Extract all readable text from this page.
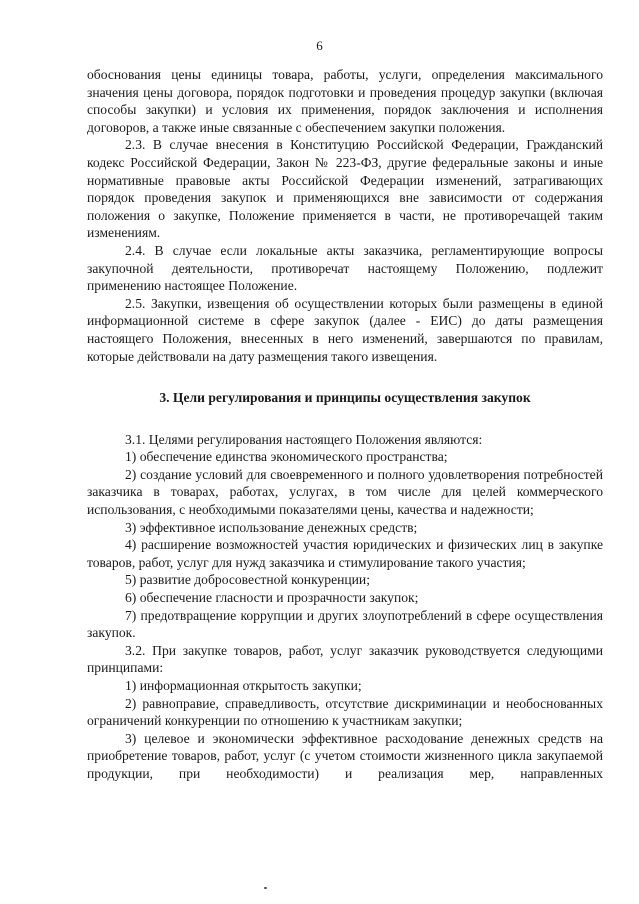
6

обоснования цены единицы товара, работы, услуги, определения максимального значения цены договора, порядок подготовки и проведения процедур закупки (включая способы закупки) и условия их применения, порядок заключения и исполнения договоров, а также иные связанные с обеспечением закупки положения.

2.3. В случае внесения в Конституцию Российской Федерации, Гражданский кодекс Российской Федерации, Закон № 223-ФЗ, другие федеральные законы и иные нормативные правовые акты Российской Федерации изменений, затрагивающих порядок проведения закупок и применяющихся вне зависимости от содержания положения о закупке, Положение применяется в части, не противоречащей таким изменениям.

2.4. В случае если локальные акты заказчика, регламентирующие вопросы закупочной деятельности, противоречат настоящему Положению, подлежит применению настоящее Положение.

2.5. Закупки, извещения об осуществлении которых были размещены в единой информационной системе в сфере закупок (далее - ЕИС) до даты размещения настоящего Положения, внесенных в него изменений, завершаются по правилам, которые действовали на дату размещения такого извещения.

3. Цели регулирования и принципы осуществления закупок

3.1. Целями регулирования настоящего Положения являются:

1) обеспечение единства экономического пространства;

2) создание условий для своевременного и полного удовлетворения потребностей заказчика в товарах, работах, услугах, в том числе для целей коммерческого использования, с необходимыми показателями цены, качества и надежности;

3) эффективное использование денежных средств;

4) расширение возможностей участия юридических и физических лиц в закупке товаров, работ, услуг для нужд заказчика и стимулирование такого участия;

5) развитие добросовестной конкуренции;

6) обеспечение гласности и прозрачности закупок;

7) предотвращение коррупции и других злоупотреблений в сфере осуществления закупок.

3.2. При закупке товаров, работ, услуг заказчик руководствуется следующими принципами:

1) информационная открытость закупки;

2) равноправие, справедливость, отсутствие дискриминации и необоснованных ограничений конкуренции по отношению к участникам закупки;

3) целевое и экономически эффективное расходование денежных средств на приобретение товаров, работ, услуг (с учетом стоимости жизненного цикла закупаемой продукции, при необходимости) и реализация мер, направленных
